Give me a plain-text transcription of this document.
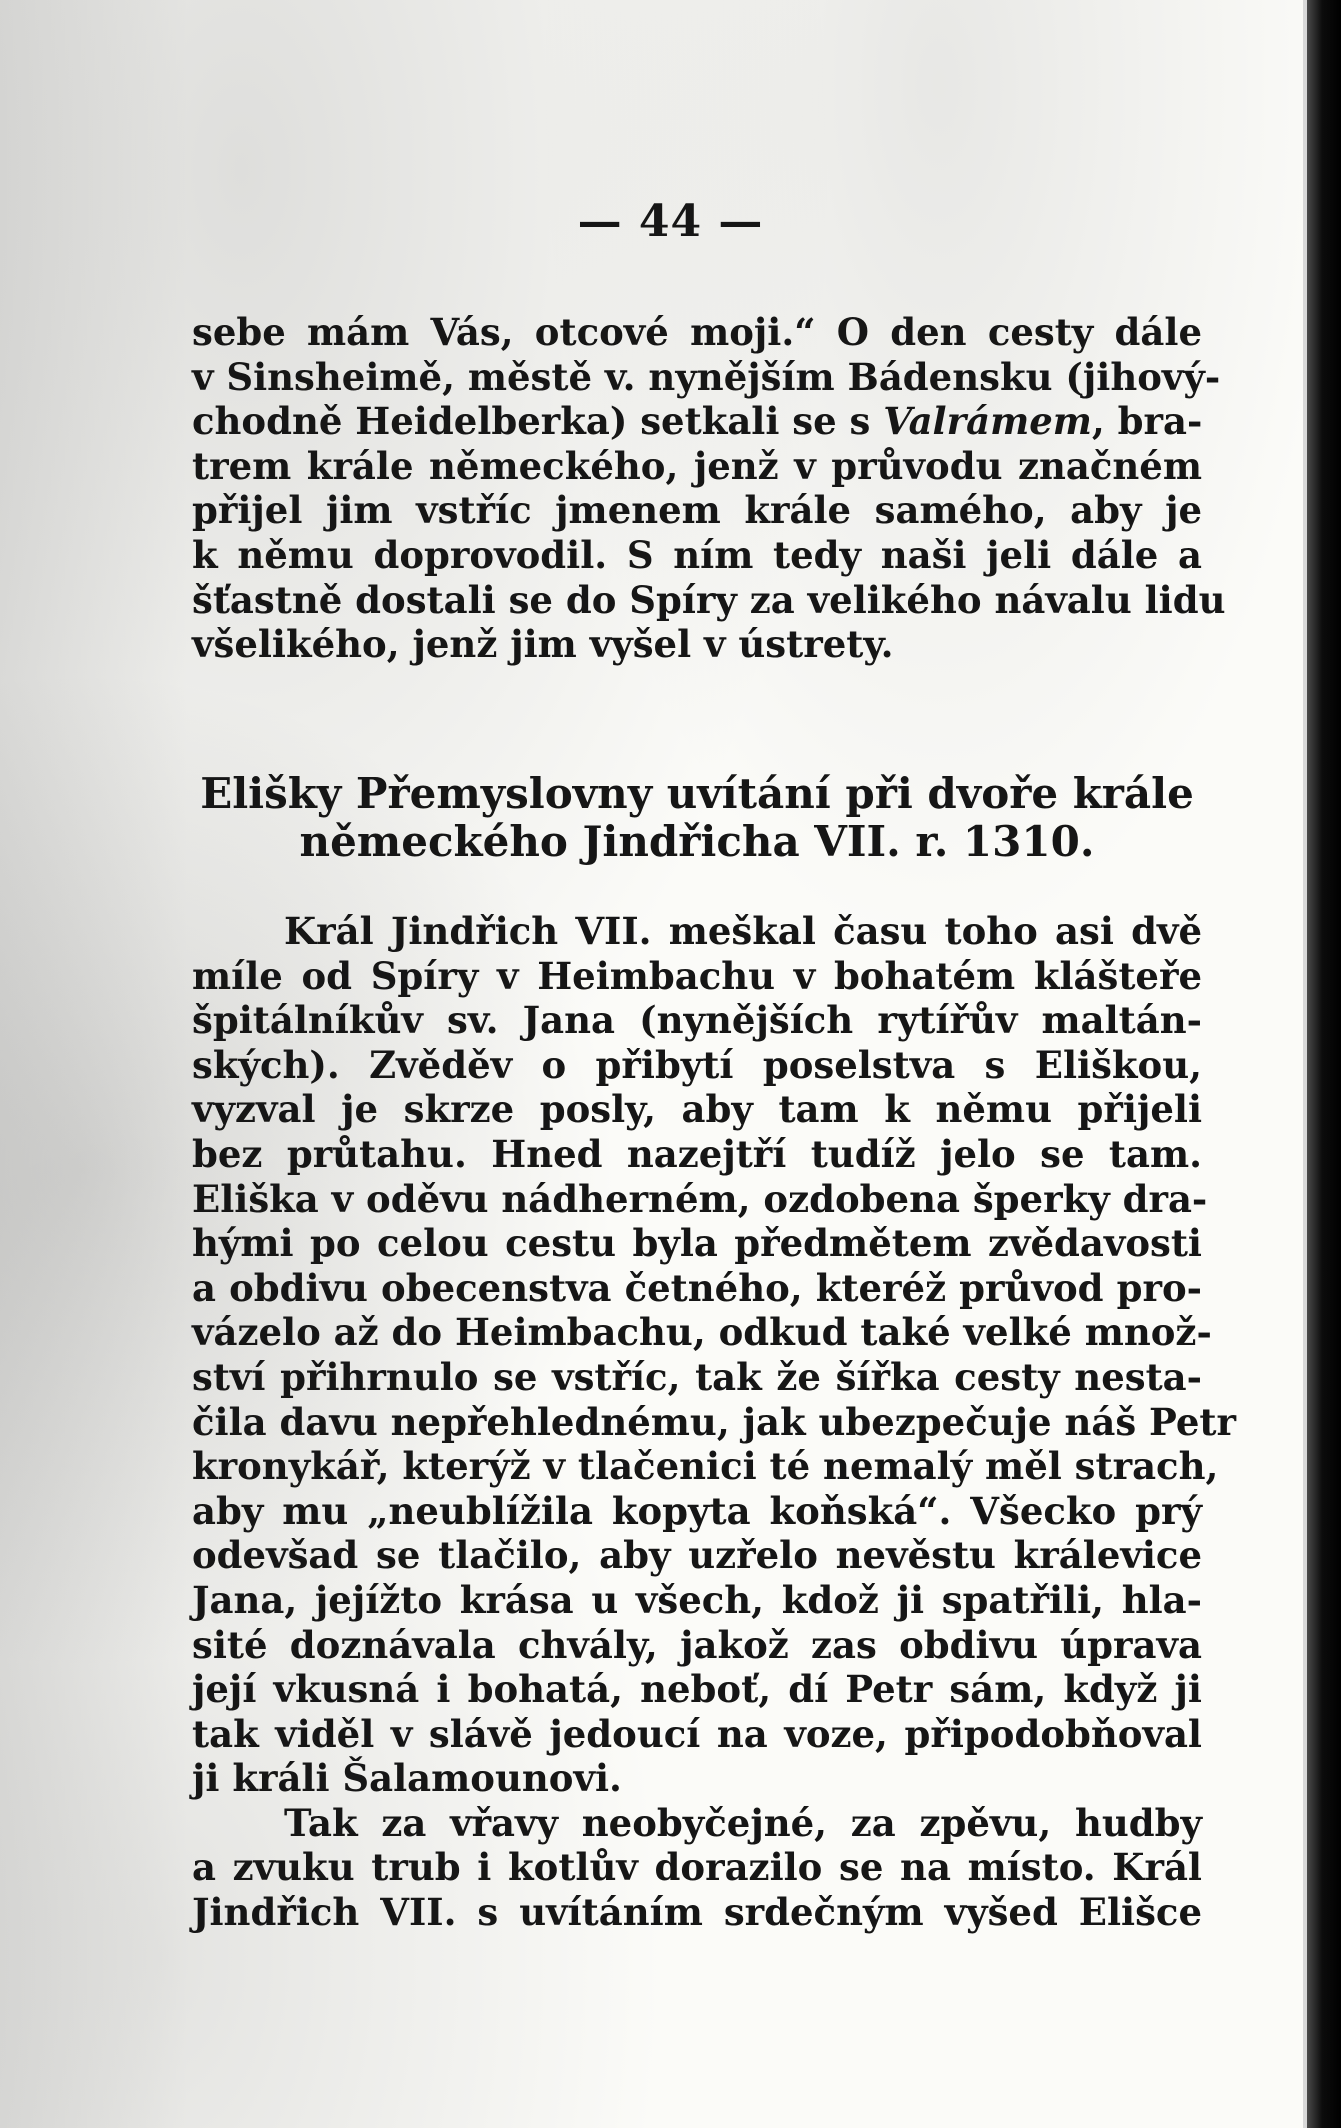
— 44 —
sebe mám Vás, otcové moji.“ O den cesty dále
v Sinsheimě, městě v. nynějším Bádensku (jihový-
chodně Heidelberka) setkali se s Valrámem, bra-
trem krále německého, jenž v průvodu značném
přijel jim vstříc jmenem krále samého, aby je
k němu doprovodil. S ním tedy naši jeli dále a
šťastně dostali se do Spíry za velikého návalu lidu
všelikého, jenž jim vyšel v ústrety.
Elišky Přemyslovny uvítání při dvoře krále
německého Jindřicha VII. r. 1310.
Král Jindřich VII. meškal času toho asi dvě
míle od Spíry v Heimbachu v bohatém klášteře
špitálníkův sv. Jana (nynějších rytířův maltán-
ských). Zvěděv o přibytí poselstva s Eliškou,
vyzval je skrze posly, aby tam k němu přijeli
bez průtahu. Hned nazejtří tudíž jelo se tam.
Eliška v oděvu nádherném, ozdobena šperky dra-
hými po celou cestu byla předmětem zvědavosti
a obdivu obecenstva četného, kteréž průvod pro-
vázelo až do Heimbachu, odkud také velké množ-
ství přihrnulo se vstříc, tak že šířka cesty nesta-
čila davu nepřehlednému, jak ubezpečuje náš Petr
kronykář, kterýž v tlačenici té nemalý měl strach,
aby mu „neublížila kopyta koňská“. Všecko prý
odevšad se tlačilo, aby uzřelo nevěstu králevice
Jana, jejížto krása u všech, kdož ji spatřili, hla-
sité doznávala chvály, jakož zas obdivu úprava
její vkusná i bohatá, neboť, dí Petr sám, když ji
tak viděl v slávě jedoucí na voze, připodobňoval
ji králi Šalamounovi.
Tak za vřavy neobyčejné, za zpěvu, hudby
a zvuku trub i kotlův dorazilo se na místo. Král
Jindřich VII. s uvítáním srdečným vyšed Elišce
